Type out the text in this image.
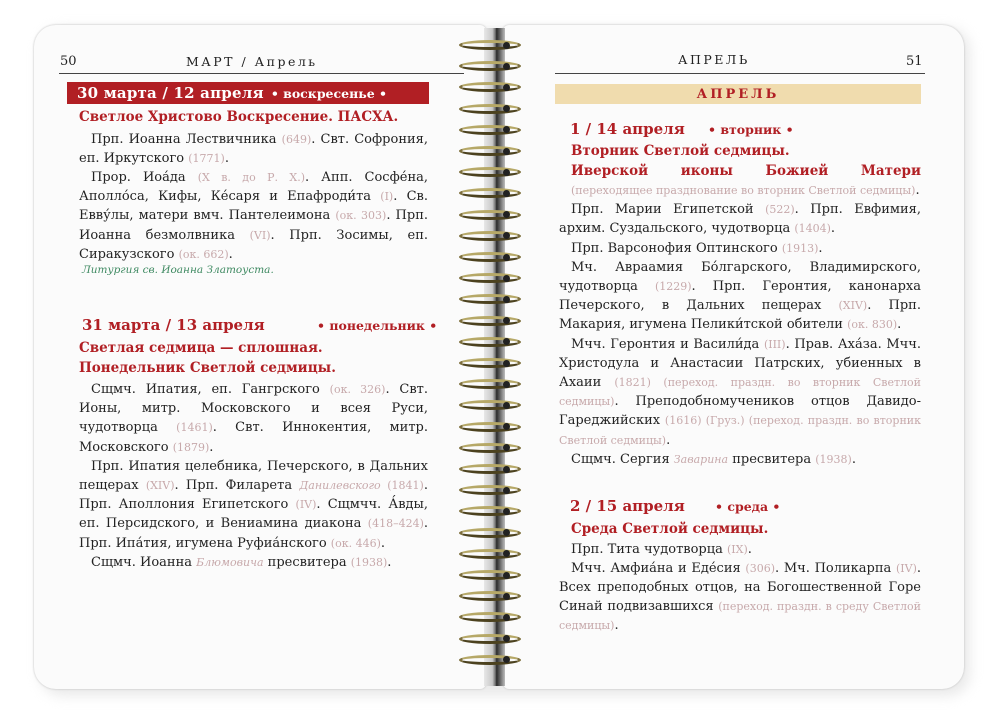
50	МАРТ / Апрель
30 марта / 12 апреля • воскресенье •
Светлое Христово Воскресение. ПАСХА.

Прп. Иоанна Лествичника (649). Свт. Софрония, еп. Иркутского (1771).

Прор. Иоа́да (X в. до Р. Х.). Апп. Сосфе́на, Аполло́са, Кифы, Ке́саря и Епафроди́та (I). Св. Евву́лы, матери вмч. Пантелеимона (ок. 303). Прп. Иоанна безмолвника (VI). Прп. Зосимы, еп. Сиракузского (ок. 662).

Литургия св. Иоанна Златоуста.
31 марта / 13 апреля	• понедельник •
Светлая седмица — сплошная.
Понедельник Светлой седмицы.

Сщмч. Ипатия, еп. Гангрского (ок. 326). Свт. Ионы, митр. Московского и всея Руси, чудотворца (1461). Свт. Иннокентия, митр. Московского (1879).

Прп. Ипатия целебника, Печерского, в Дальних пещерах (XIV). Прп. Филарета Данилевского (1841). Прп. Аполлония Египетского (IV). Сщмчч. А́вды, еп. Персидского, и Вениамина диакона (418–424). Прп. Ипа́тия, игумена Руфиа́нского (ок. 446).

Сщмч. Иоанна Блюмовича пресвитера (1938).

АПРЕЛЬ	51
АПРЕЛЬ
1 / 14 апреля • вторник •
Вторник Светлой седмицы.
Иверской иконы Божией Матери (переходящее празднование во вторник Светлой седмицы).

Прп. Марии Египетской (522). Прп. Евфимия, архим. Суздальского, чудотворца (1404).

Прп. Варсонофия Оптинского (1913).

Мч. Авраамия Бо́лгарского, Владимирского, чудотворца (1229). Прп. Геронтия, канонарха Печерского, в Дальних пещерах (XIV). Прп. Макария, игумена Пелики́тской обители (ок. 830).

Мчч. Геронтия и Васили́да (III). Прав. Аха́за. Мчч. Христодула и Анастасии Патрских, убиенных в Ахаии (1821) (переход. праздн. во вторник Светлой седмицы). Преподобномучеников отцов Давидо-Гареджийских (1616) (Груз.) (переход. праздн. во вторник Светлой седмицы).

Сщмч. Сергия Заварина пресвитера (1938).

2 / 15 апреля • среда •
Среда Светлой седмицы.

Прп. Тита чудотворца (IX).

Мчч. Амфиа́на и Еде́сия (306). Мч. Поликарпа (IV). Всех преподобных отцов, на Богошественной Горе Синай подвизавшихся (переход. праздн. в среду Светлой седмицы).
